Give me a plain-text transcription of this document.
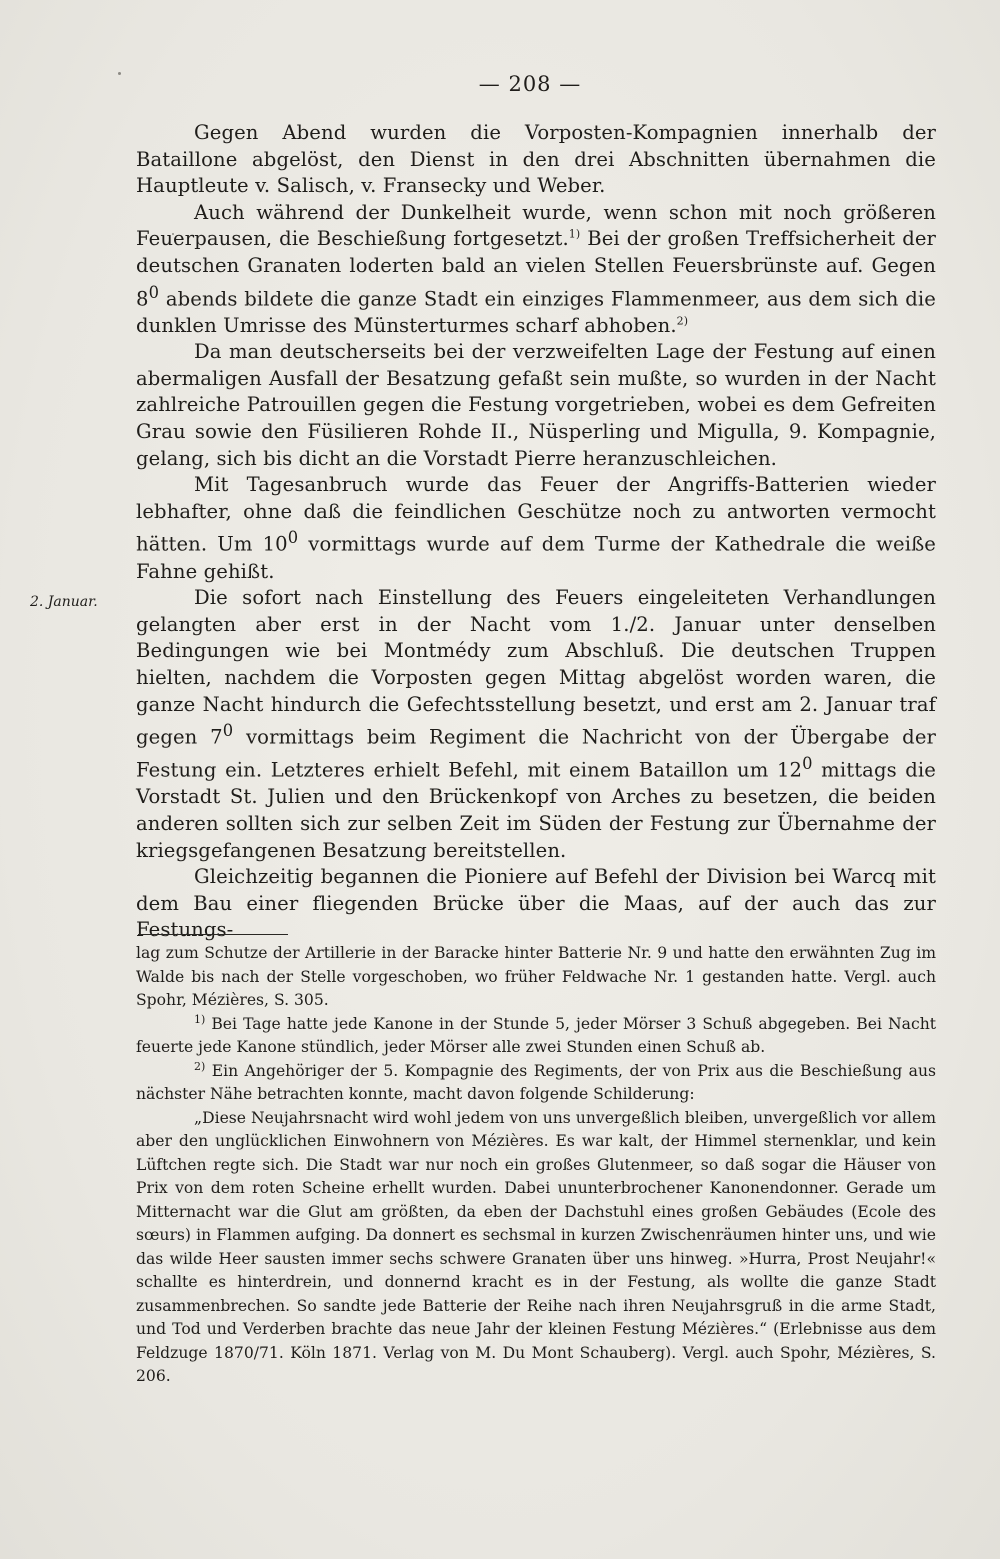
— 208 —
2. Januar.

Gegen Abend wurden die Vorposten-Kompagnien innerhalb der Bataillone abgelöst, den Dienst in den drei Abschnitten übernahmen die Hauptleute v. Salisch, v. Fransecky und Weber.

Auch während der Dunkelheit wurde, wenn schon mit noch größeren Feuerpausen, die Beschießung fortgesetzt.$^{1)}$ Bei der großen Treffsicherheit der deutschen Granaten loderten bald an vielen Stellen Feuersbrünste auf. Gegen $8^0$ abends bildete die ganze Stadt ein einziges Flammenmeer, aus dem sich die dunklen Umrisse des Münsterturmes scharf abhoben.$^{2)}$

Da man deutscherseits bei der verzweifelten Lage der Festung auf einen abermaligen Ausfall der Besatzung gefaßt sein mußte, so wurden in der Nacht zahlreiche Patrouillen gegen die Festung vorgetrieben, wobei es dem Gefreiten Grau sowie den Füsilieren Rohde II., Nüsperling und Migulla, 9. Kompagnie, gelang, sich bis dicht an die Vorstadt Pierre heranzuschleichen.

Mit Tagesanbruch wurde das Feuer der Angriffs-Batterien wieder lebhafter, ohne daß die feindlichen Geschütze noch zu antworten vermocht hätten. Um $10^0$ vormittags wurde auf dem Turme der Kathedrale die weiße Fahne gehißt.

Die sofort nach Einstellung des Feuers eingeleiteten Verhandlungen gelangten aber erst in der Nacht vom 1./2. Januar unter denselben Bedingungen wie bei Montmédy zum Abschluß. Die deutschen Truppen hielten, nachdem die Vorposten gegen Mittag abgelöst worden waren, die ganze Nacht hindurch die Gefechtsstellung besetzt, und erst am 2. Januar traf gegen $7^0$ vormittags beim Regiment die Nachricht von der Übergabe der Festung ein. Letzteres erhielt Befehl, mit einem Bataillon um $12^0$ mittags die Vorstadt St. Julien und den Brückenkopf von Arches zu besetzen, die beiden anderen sollten sich zur selben Zeit im Süden der Festung zur Übernahme der kriegsgefangenen Besatzung bereitstellen.

Gleichzeitig begannen die Pioniere auf Befehl der Division bei Warcq mit dem Bau einer fliegenden Brücke über die Maas, auf der auch das zur Festungs-

lag zum Schutze der Artillerie in der Baracke hinter Batterie Nr. 9 und hatte den erwähnten Zug im Walde bis nach der Stelle vorgeschoben, wo früher Feldwache Nr. 1 gestanden hatte. Vergl. auch Spohr, Mézières, S. 305.

$^{1)}$ Bei Tage hatte jede Kanone in der Stunde 5, jeder Mörser 3 Schuß abgegeben. Bei Nacht feuerte jede Kanone stündlich, jeder Mörser alle zwei Stunden einen Schuß ab.

$^{2)}$ Ein Angehöriger der 5. Kompagnie des Regiments, der von Prix aus die Beschießung aus nächster Nähe betrachten konnte, macht davon folgende Schilderung:

„Diese Neujahrsnacht wird wohl jedem von uns unvergeßlich bleiben, unvergeßlich vor allem aber den unglücklichen Einwohnern von Mézières. Es war kalt, der Himmel sternenklar, und kein Lüftchen regte sich. Die Stadt war nur noch ein großes Glutenmeer, so daß sogar die Häuser von Prix von dem roten Scheine erhellt wurden. Dabei ununterbrochener Kanonendonner. Gerade um Mitternacht war die Glut am größten, da eben der Dachstuhl eines großen Gebäudes (Ecole des sœurs) in Flammen aufging. Da donnert es sechsmal in kurzen Zwischenräumen hinter uns, und wie das wilde Heer sausten immer sechs schwere Granaten über uns hinweg. »Hurra, Prost Neujahr!« schallte es hinterdrein, und donnernd kracht es in der Festung, als wollte die ganze Stadt zusammenbrechen. So sandte jede Batterie der Reihe nach ihren Neujahrsgruß in die arme Stadt, und Tod und Verderben brachte das neue Jahr der kleinen Festung Mézières.“ (Erlebnisse aus dem Feldzuge 1870/71. Köln 1871. Verlag von M. Du Mont Schauberg). Vergl. auch Spohr, Mézières, S. 206.
